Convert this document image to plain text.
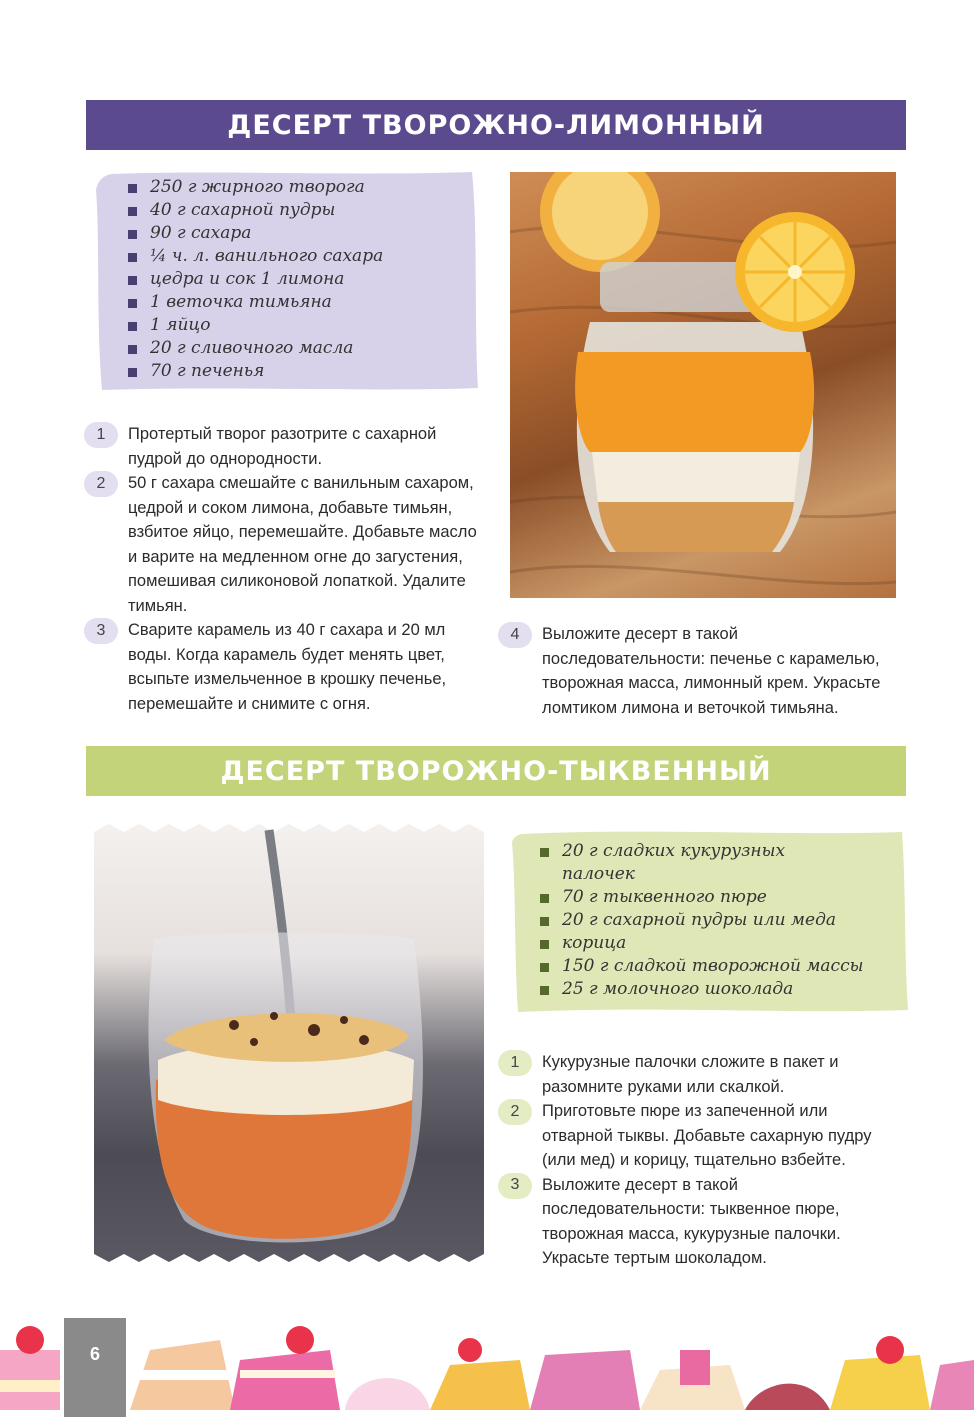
ДЕСЕРТ ТВОРОЖНО-ЛИМОННЫЙ
250 г жирного творога
40 г сахарной пудры
90 г сахара
¼ ч. л. ванильного сахара
цедра и сок 1 лимона
1 веточка тимьяна
1 яйцо
20 г сливочного масла
70 г печенья
1	Протертый творог разотрите с сахарной пудрой до однородности.
2	50 г сахара смешайте с ванильным сахаром, цедрой и соком лимона, добавьте тимьян, взбитое яйцо, перемешайте. Добавьте масло и варите на медленном огне до загустения, помешивая силиконовой лопаткой. Удалите тимьян.
3	Сварите карамель из 40 г сахара и 20 мл воды. Когда карамель будет менять цвет, всыпьте измельченное в крошку печенье, перемешайте и снимите с огня.
4	Выложите десерт в такой последовательности: печенье с карамелью, творожная масса, лимонный крем. Украсьте ломтиком лимона и веточкой тимьяна.
ДЕСЕРТ ТВОРОЖНО-ТЫКВЕННЫЙ
20 г сладких кукурузных палочек
70 г тыквенного пюре
20 г сахарной пудры или меда
корица
150 г сладкой творожной массы
25 г молочного шоколада
1	Кукурузные палочки сложите в пакет и разомните руками или скалкой.
2	Приготовьте пюре из запеченной или отварной тыквы. Добавьте сахарную пудру (или мед) и корицу, тщательно взбейте.
3	Выложите десерт в такой последовательности: тыквенное пюре, творожная масса, кукурузные палочки. Украсьте тертым шоколадом.
6
